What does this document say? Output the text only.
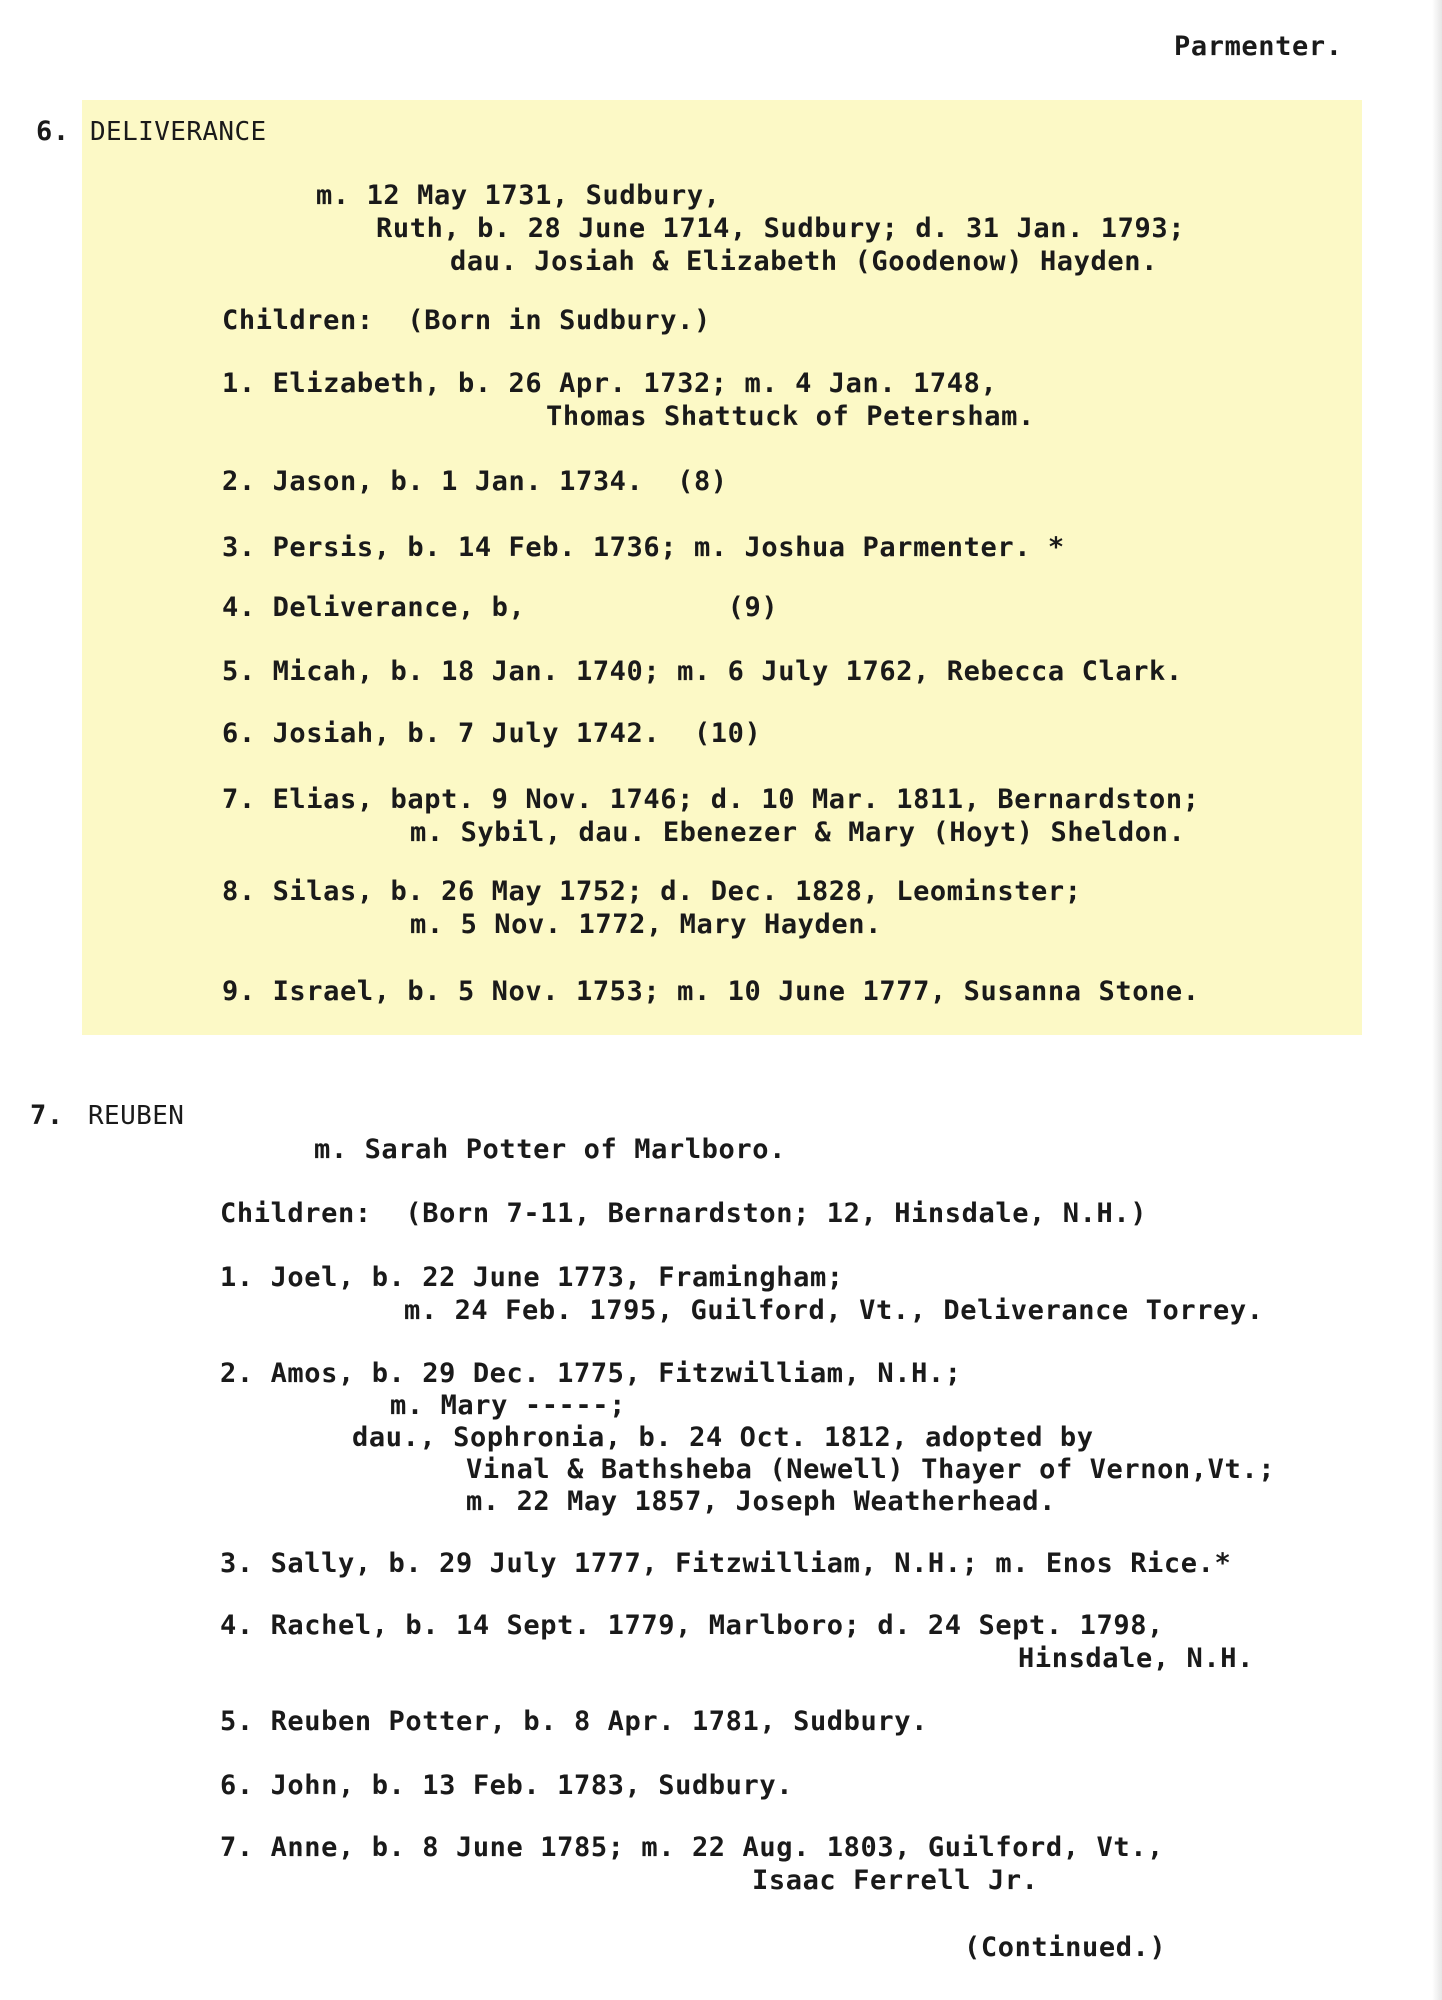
Parmenter.
6. DELIVERANCE
m. 12 May 1731, Sudbury,
Ruth, b. 28 June 1714, Sudbury; d. 31 Jan. 1793;
dau. Josiah & Elizabeth (Goodenow) Hayden.
Children:  (Born in Sudbury.)
1. Elizabeth, b. 26 Apr. 1732; m. 4 Jan. 1748,
Thomas Shattuck of Petersham.
2. Jason, b. 1 Jan. 1734.  (8)
3. Persis, b. 14 Feb. 1736; m. Joshua Parmenter. *
4. Deliverance, b,            (9)
5. Micah, b. 18 Jan. 1740; m. 6 July 1762, Rebecca Clark.
6. Josiah, b. 7 July 1742.  (10)
7. Elias, bapt. 9 Nov. 1746; d. 10 Mar. 1811, Bernardston;
m. Sybil, dau. Ebenezer & Mary (Hoyt) Sheldon.
8. Silas, b. 26 May 1752; d. Dec. 1828, Leominster;
m. 5 Nov. 1772, Mary Hayden.
9. Israel, b. 5 Nov. 1753; m. 10 June 1777, Susanna Stone.
7. REUBEN
m. Sarah Potter of Marlboro.
Children:  (Born 7-11, Bernardston; 12, Hinsdale, N.H.)
1. Joel, b. 22 June 1773, Framingham;
m. 24 Feb. 1795, Guilford, Vt., Deliverance Torrey.
2. Amos, b. 29 Dec. 1775, Fitzwilliam, N.H.;
m. Mary -----;
dau., Sophronia, b. 24 Oct. 1812, adopted by
Vinal & Bathsheba (Newell) Thayer of Vernon,Vt.;
m. 22 May 1857, Joseph Weatherhead.
3. Sally, b. 29 July 1777, Fitzwilliam, N.H.; m. Enos Rice.*
4. Rachel, b. 14 Sept. 1779, Marlboro; d. 24 Sept. 1798,
Hinsdale, N.H.
5. Reuben Potter, b. 8 Apr. 1781, Sudbury.
6. John, b. 13 Feb. 1783, Sudbury.
7. Anne, b. 8 June 1785; m. 22 Aug. 1803, Guilford, Vt.,
Isaac Ferrell Jr.
(Continued.)
